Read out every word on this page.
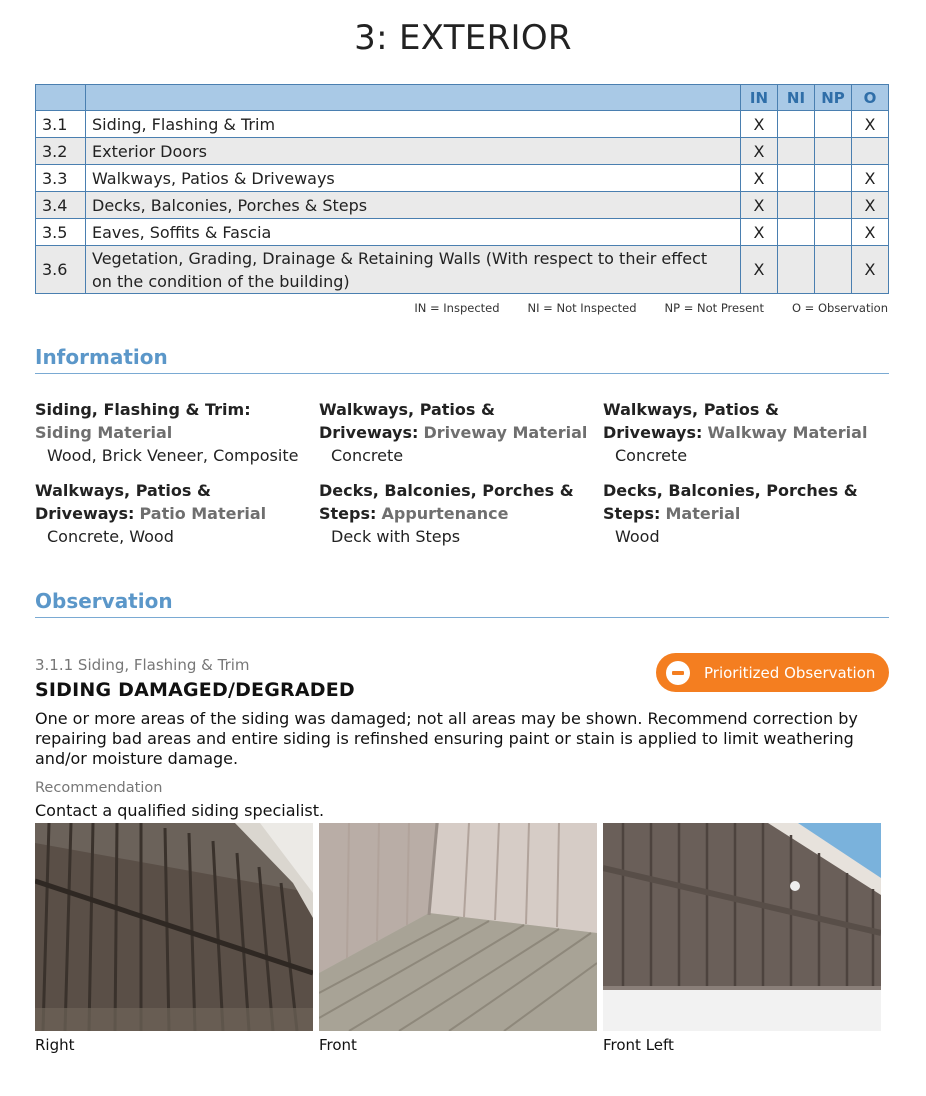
3: EXTERIOR
		IN	NI	NP	O
3.1	Siding, Flashing & Trim	X			X
3.2	Exterior Doors	X			
3.3	Walkways, Patios & Driveways	X			X
3.4	Decks, Balconies, Porches & Steps	X			X
3.5	Eaves, Soffits & Fascia	X			X
3.6	Vegetation, Grading, Drainage & Retaining Walls (With respect to their effect on the condition of the building)	X			X
IN = Inspected NI = Not Inspected NP = Not Present O = Observation
Information
Siding, Flashing & Trim: Siding Material
Wood, Brick Veneer, Composite
Walkways, Patios & Driveways: Driveway Material
Concrete
Walkways, Patios & Driveways: Walkway Material
Concrete
Walkways, Patios & Driveways: Patio Material
Concrete, Wood
Decks, Balconies, Porches & Steps: Appurtenance
Deck with Steps
Decks, Balconies, Porches & Steps: Material
Wood
Observation
3.1.1 Siding, Flashing & Trim
SIDING DAMAGED/DEGRADED
Prioritized Observation
One or more areas of the siding was damaged; not all areas may be shown. Recommend correction by repairing bad areas and entire siding is refinshed ensuring paint or stain is applied to limit weathering and/or moisture damage.
Recommendation
Contact a qualified siding specialist.
Right	Front	Front Left
